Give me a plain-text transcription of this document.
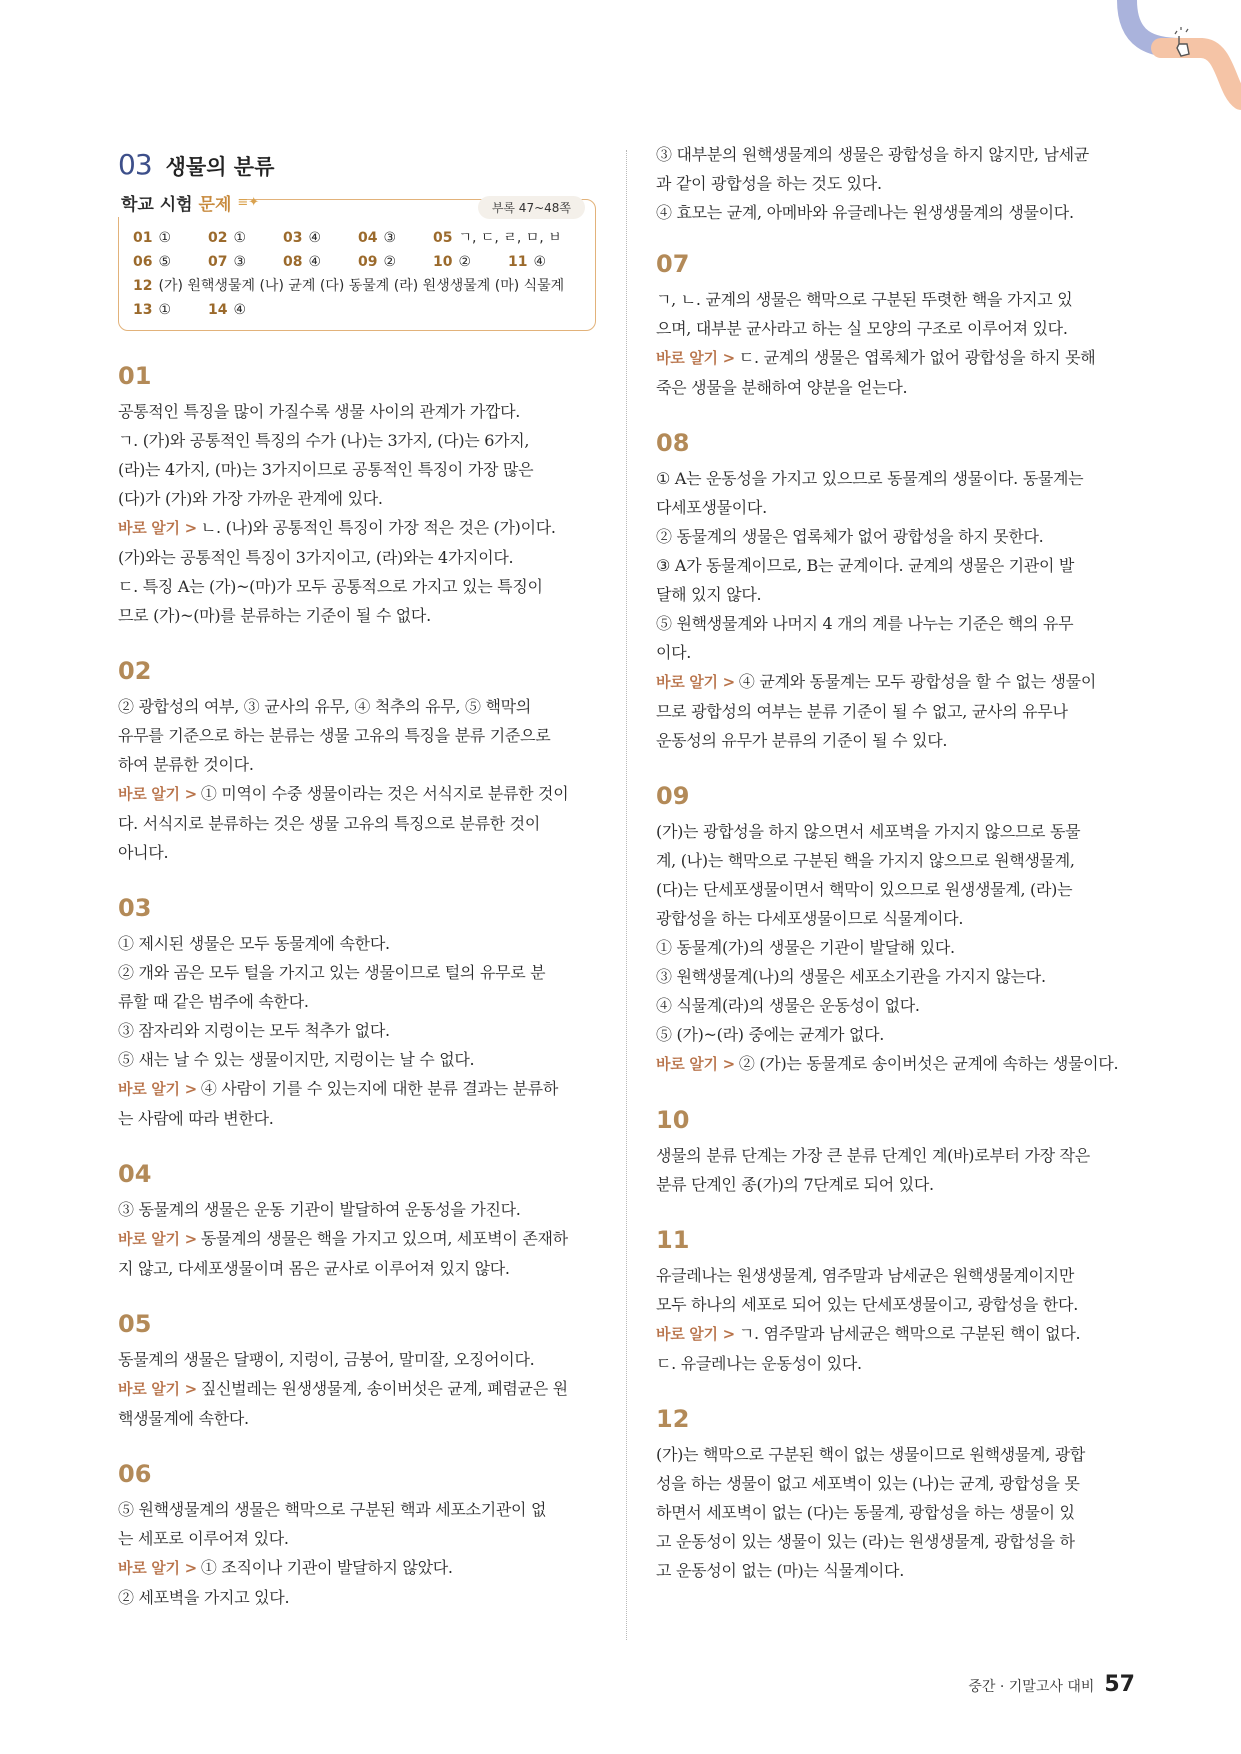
03 생물의 분류
학교 시험 문제 ≡✦	부록 47~48쪽
01 ①	02 ①	03 ④	04 ③	05 ㄱ, ㄷ, ㄹ, ㅁ, ㅂ
06 ⑤	07 ③	08 ④	09 ②	10 ②	11 ④
12 (가) 원핵생물계 (나) 균계 (다) 동물계 (라) 원생생물계 (마) 식물계
13 ①	14 ④
01
공통적인 특징을 많이 가질수록 생물 사이의 관계가 가깝다.
ㄱ. (가)와 공통적인 특징의 수가 (나)는 3가지, (다)는 6가지,
(라)는 4가지, (마)는 3가지이므로 공통적인 특징이 가장 많은
(다)가 (가)와 가장 가까운 관계에 있다.
바로 알기 > ㄴ. (나)와 공통적인 특징이 가장 적은 것은 (가)이다.
(가)와는 공통적인 특징이 3가지이고, (라)와는 4가지이다.
ㄷ. 특징 A는 (가)~(마)가 모두 공통적으로 가지고 있는 특징이
므로 (가)~(마)를 분류하는 기준이 될 수 없다.
02
② 광합성의 여부, ③ 균사의 유무, ④ 척추의 유무, ⑤ 핵막의
유무를 기준으로 하는 분류는 생물 고유의 특징을 분류 기준으로
하여 분류한 것이다.
바로 알기 > ① 미역이 수중 생물이라는 것은 서식지로 분류한 것이
다. 서식지로 분류하는 것은 생물 고유의 특징으로 분류한 것이
아니다.
03
① 제시된 생물은 모두 동물계에 속한다.
② 개와 곰은 모두 털을 가지고 있는 생물이므로 털의 유무로 분
류할 때 같은 범주에 속한다.
③ 잠자리와 지렁이는 모두 척추가 없다.
⑤ 새는 날 수 있는 생물이지만, 지렁이는 날 수 없다.
바로 알기 > ④ 사람이 기를 수 있는지에 대한 분류 결과는 분류하
는 사람에 따라 변한다.
04
③ 동물계의 생물은 운동 기관이 발달하여 운동성을 가진다.
바로 알기 > 동물계의 생물은 핵을 가지고 있으며, 세포벽이 존재하
지 않고, 다세포생물이며 몸은 균사로 이루어져 있지 않다.
05
동물계의 생물은 달팽이, 지렁이, 금붕어, 말미잘, 오징어이다.
바로 알기 > 짚신벌레는 원생생물계, 송이버섯은 균계, 폐렴균은 원
핵생물계에 속한다.
06
⑤ 원핵생물계의 생물은 핵막으로 구분된 핵과 세포소기관이 없
는 세포로 이루어져 있다.
바로 알기 > ① 조직이나 기관이 발달하지 않았다.
② 세포벽을 가지고 있다.
③ 대부분의 원핵생물계의 생물은 광합성을 하지 않지만, 남세균
과 같이 광합성을 하는 것도 있다.
④ 효모는 균계, 아메바와 유글레나는 원생생물계의 생물이다.
07
ㄱ, ㄴ. 균계의 생물은 핵막으로 구분된 뚜렷한 핵을 가지고 있
으며, 대부분 균사라고 하는 실 모양의 구조로 이루어져 있다.
바로 알기 > ㄷ. 균계의 생물은 엽록체가 없어 광합성을 하지 못해
죽은 생물을 분해하여 양분을 얻는다.
08
① A는 운동성을 가지고 있으므로 동물계의 생물이다. 동물계는
다세포생물이다.
② 동물계의 생물은 엽록체가 없어 광합성을 하지 못한다.
③ A가 동물계이므로, B는 균계이다. 균계의 생물은 기관이 발
달해 있지 않다.
⑤ 원핵생물계와 나머지 4 개의 계를 나누는 기준은 핵의 유무
이다.
바로 알기 > ④ 균계와 동물계는 모두 광합성을 할 수 없는 생물이
므로 광합성의 여부는 분류 기준이 될 수 없고, 균사의 유무나
운동성의 유무가 분류의 기준이 될 수 있다.
09
(가)는 광합성을 하지 않으면서 세포벽을 가지지 않으므로 동물
계, (나)는 핵막으로 구분된 핵을 가지지 않으므로 원핵생물계,
(다)는 단세포생물이면서 핵막이 있으므로 원생생물계, (라)는
광합성을 하는 다세포생물이므로 식물계이다.
① 동물계(가)의 생물은 기관이 발달해 있다.
③ 원핵생물계(나)의 생물은 세포소기관을 가지지 않는다.
④ 식물계(라)의 생물은 운동성이 없다.
⑤ (가)~(라) 중에는 균계가 없다.
바로 알기 > ② (가)는 동물계로 송이버섯은 균계에 속하는 생물이다.
10
생물의 분류 단계는 가장 큰 분류 단계인 계(바)로부터 가장 작은
분류 단계인 종(가)의 7단계로 되어 있다.
11
유글레나는 원생생물계, 염주말과 남세균은 원핵생물계이지만
모두 하나의 세포로 되어 있는 단세포생물이고, 광합성을 한다.
바로 알기 > ㄱ. 염주말과 남세균은 핵막으로 구분된 핵이 없다.
ㄷ. 유글레나는 운동성이 있다.
12
(가)는 핵막으로 구분된 핵이 없는 생물이므로 원핵생물계, 광합
성을 하는 생물이 없고 세포벽이 있는 (나)는 균계, 광합성을 못
하면서 세포벽이 없는 (다)는 동물계, 광합성을 하는 생물이 있
고 운동성이 있는 생물이 있는 (라)는 원생생물계, 광합성을 하
고 운동성이 없는 (마)는 식물계이다.
중간 · 기말고사 대비 57
